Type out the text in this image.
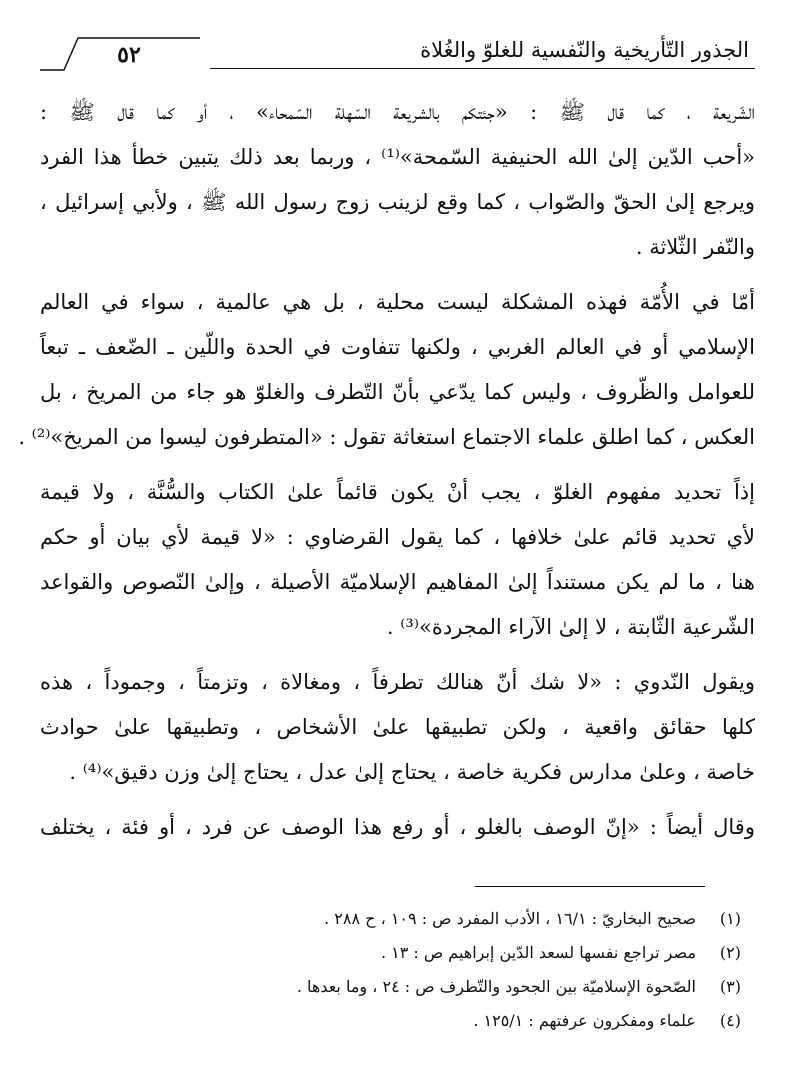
٥٢	الجذور التّأريخية والنّفسية للغلوّ والغُلاة
الشّريعة ، كما قال ﷺ : «جئتكم بالشريعة السّهلة السّمحاء» ، أو كما قال ﷺ :
«أحب الدّين إلىٰ الله الحنيفية السّمحة»⁽¹⁾ ، وربما بعد ذلك يتبين خطأ هذا الفرد
ويرجع إلىٰ الحقّ والصّواب ، كما وقع لزينب زوج رسول الله ﷺ ، ولأبي إسرائيل ،
والنّفر الثّلاثة .
أمّا في الأُمّة فهذه المشكلة ليست محلية ، بل هي عالمية ، سواء في العالم
الإسلامي أو في العالم الغربي ، ولكنها تتفاوت في الحدة واللّين ـ الضّعف ـ تبعاً
للعوامل والظّروف ، وليس كما يدّعي بأنّ التّطرف والغلوّ هو جاء من المريخ ، بل
العكس ، كما اطلق علماء الاجتماع استغاثة تقول : «المتطرفون ليسوا من المريخ»⁽²⁾ .
إذاً تحديد مفهوم الغلوّ ، يجب أنْ يكون قائماً علىٰ الكتاب والسُّنَّة ، ولا قيمة
لأي تحديد قائم علىٰ خلافها ، كما يقول القرضاوي : «لا قيمة لأي بيان أو حكم
هنا ، ما لم يكن مستنداً إلىٰ المفاهيم الإسلاميّة الأصيلة ، وإلىٰ النّصوص والقواعد
الشّرعية الثّابتة ، لا إلىٰ الآراء المجردة»⁽³⁾ .
ويقول النّدوي : «لا شك أنّ هنالك تطرفاً ، ومغالاة ، وتزمتاً ، وجموداً ، هذه
كلها حقائق واقعية ، ولكن تطبيقها علىٰ الأشخاص ، وتطبيقها علىٰ حوادث
خاصة ، وعلىٰ مدارس فكرية خاصة ، يحتاج إلىٰ عدل ، يحتاج إلىٰ وزن دقيق»⁽⁴⁾ .
وقال أيضاً : «إنّ الوصف بالغلو ، أو رفع هذا الوصف عن فرد ، أو فئة ، يختلف
(١) صحيح البخاريّ : ١٦/١ ، الأدب المفرد ص : ١٠٩ ، ح ٢٨٨ .
(٢) مصر تراجع نفسها لسعد الدّين إبراهيم ص : ١٣ .
(٣) الصّحوة الإسلاميّة بين الجحود والتّطرف ص : ٢٤ ، وما بعدها .
(٤) علماء ومفكرون عرفتهم : ١٢٥/١ .
